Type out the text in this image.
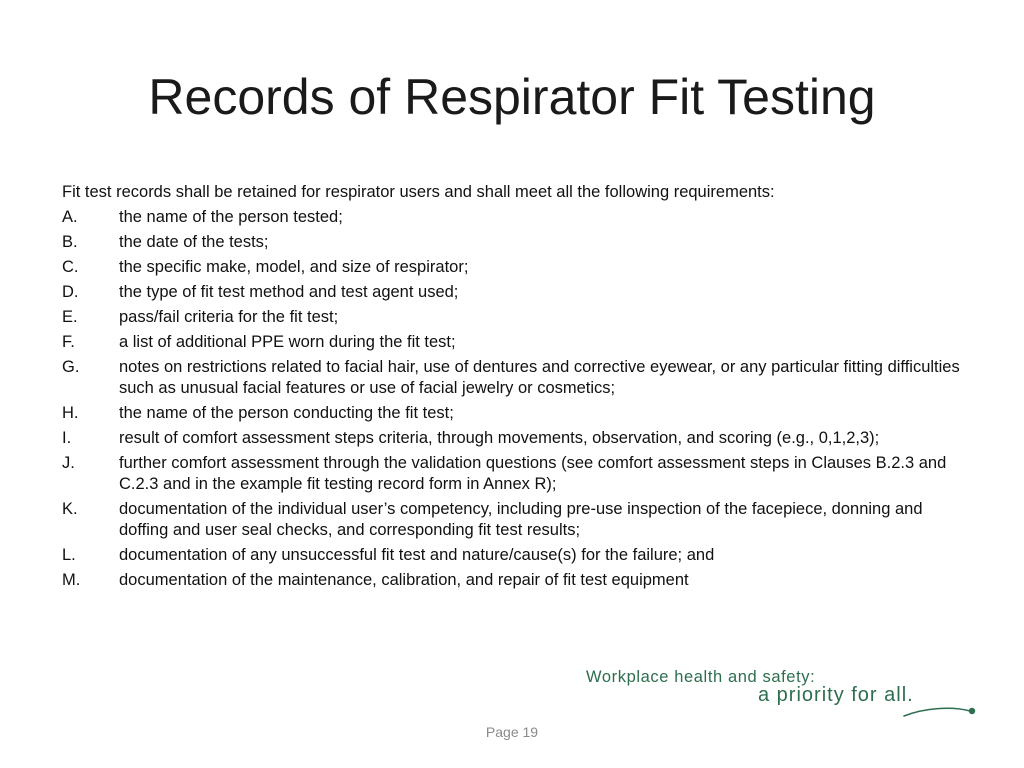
Records of Respirator Fit Testing

Fit test records shall be retained for respirator users and shall meet all the following requirements:

A.	the name of the person tested;
B.	the date of the tests;
C.	the specific make, model, and size of respirator;
D.	the type of fit test method and test agent used;
E.	pass/fail criteria for the fit test;
F.	a list of additional PPE worn during the fit test;
G.	notes on restrictions related to facial hair, use of dentures and corrective eyewear, or any particular fitting difficulties such as unusual facial features or use of facial jewelry or cosmetics;
H.	the name of the person conducting the fit test;
I.	result of comfort assessment steps criteria, through movements, observation, and scoring (e.g., 0,1,2,3);
J.	further comfort assessment through the validation questions (see comfort assessment steps in Clauses B.2.3 and C.2.3 and in the example fit testing record form in Annex R);
K.	documentation of the individual user’s competency, including pre-use inspection of the facepiece, donning and doffing and user seal checks, and corresponding fit test results;
L.	documentation of any unsuccessful fit test and nature/cause(s) for the failure; and
M.	documentation of the maintenance, calibration, and repair of fit test equipment
Workplace health and safety:
a priority for all.
Page 19
